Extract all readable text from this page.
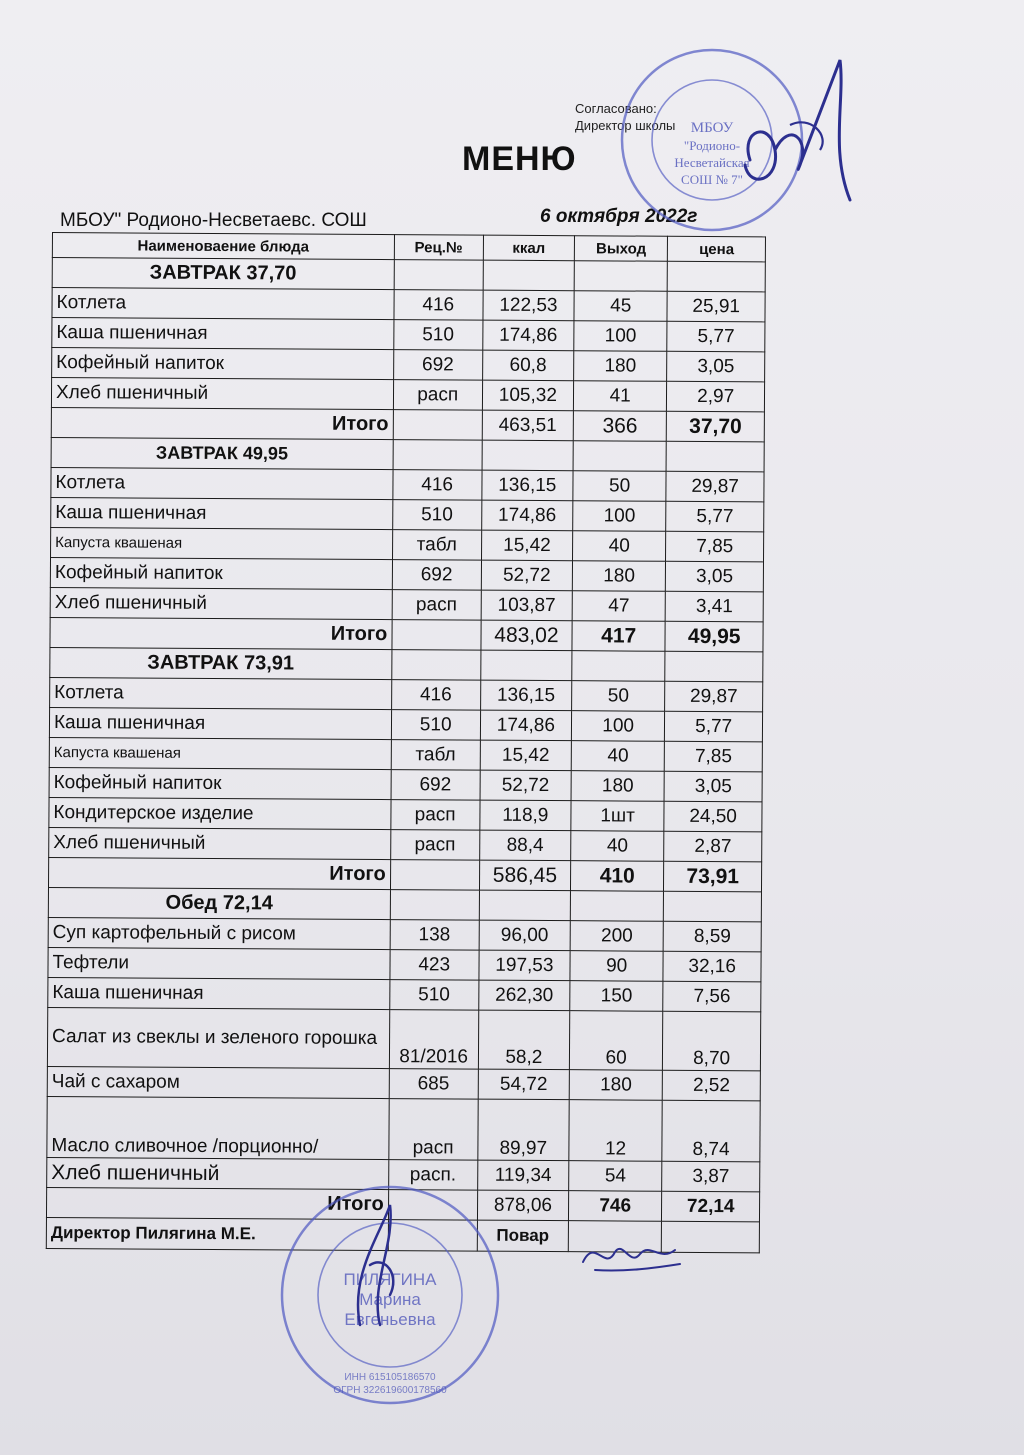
Согласовано:
Директор школы
МЕНЮ
МБОУ" Родионо-Несветаевс. СОШ	6 октября 2022г
Наименоваение блюда	Рец.№	ккал	Выход	цена
ЗАВТРАК 37,70				
Котлета	416	122,53	45	25,91
Каша пшеничная	510	174,86	100	5,77
Кофейный напиток	692	60,8	180	3,05
Хлеб пшеничный	расп	105,32	41	2,97
Итого		463,51	366	37,70
ЗАВТРАК 49,95				
Котлета	416	136,15	50	29,87
Каша пшеничная	510	174,86	100	5,77
Капуста квашеная	табл	15,42	40	7,85
Кофейный напиток	692	52,72	180	3,05
Хлеб пшеничный	расп	103,87	47	3,41
Итого		483,02	417	49,95
ЗАВТРАК 73,91				
Котлета	416	136,15	50	29,87
Каша пшеничная	510	174,86	100	5,77
Капуста квашеная	табл	15,42	40	7,85
Кофейный напиток	692	52,72	180	3,05
Кондитерское изделие	расп	118,9	1шт	24,50
Хлеб пшеничный	расп	88,4	40	2,87
Итого		586,45	410	73,91
Обед 72,14				
Суп картофельный с рисом	138	96,00	200	8,59
Тефтели	423	197,53	90	32,16
Каша пшеничная	510	262,30	150	7,56
Салат из свеклы и зеленого горошка	81/2016	58,2	60	8,70
Чай с сахаром	685	54,72	180	2,52
Масло сливочное /порционно/	расп	89,97	12	8,74
Хлеб пшеничный	расп.	119,34	54	3,87
Итого		878,06	746	72,14
Директор Пилягина М.Е.		Повар		
МБОУ
"Родионо-
Несветайская
СОШ № 7"
ПИЛЯГИНА
Марина
Евгеньевна
ИНН 615105186570
ОГРН 322619600178560
